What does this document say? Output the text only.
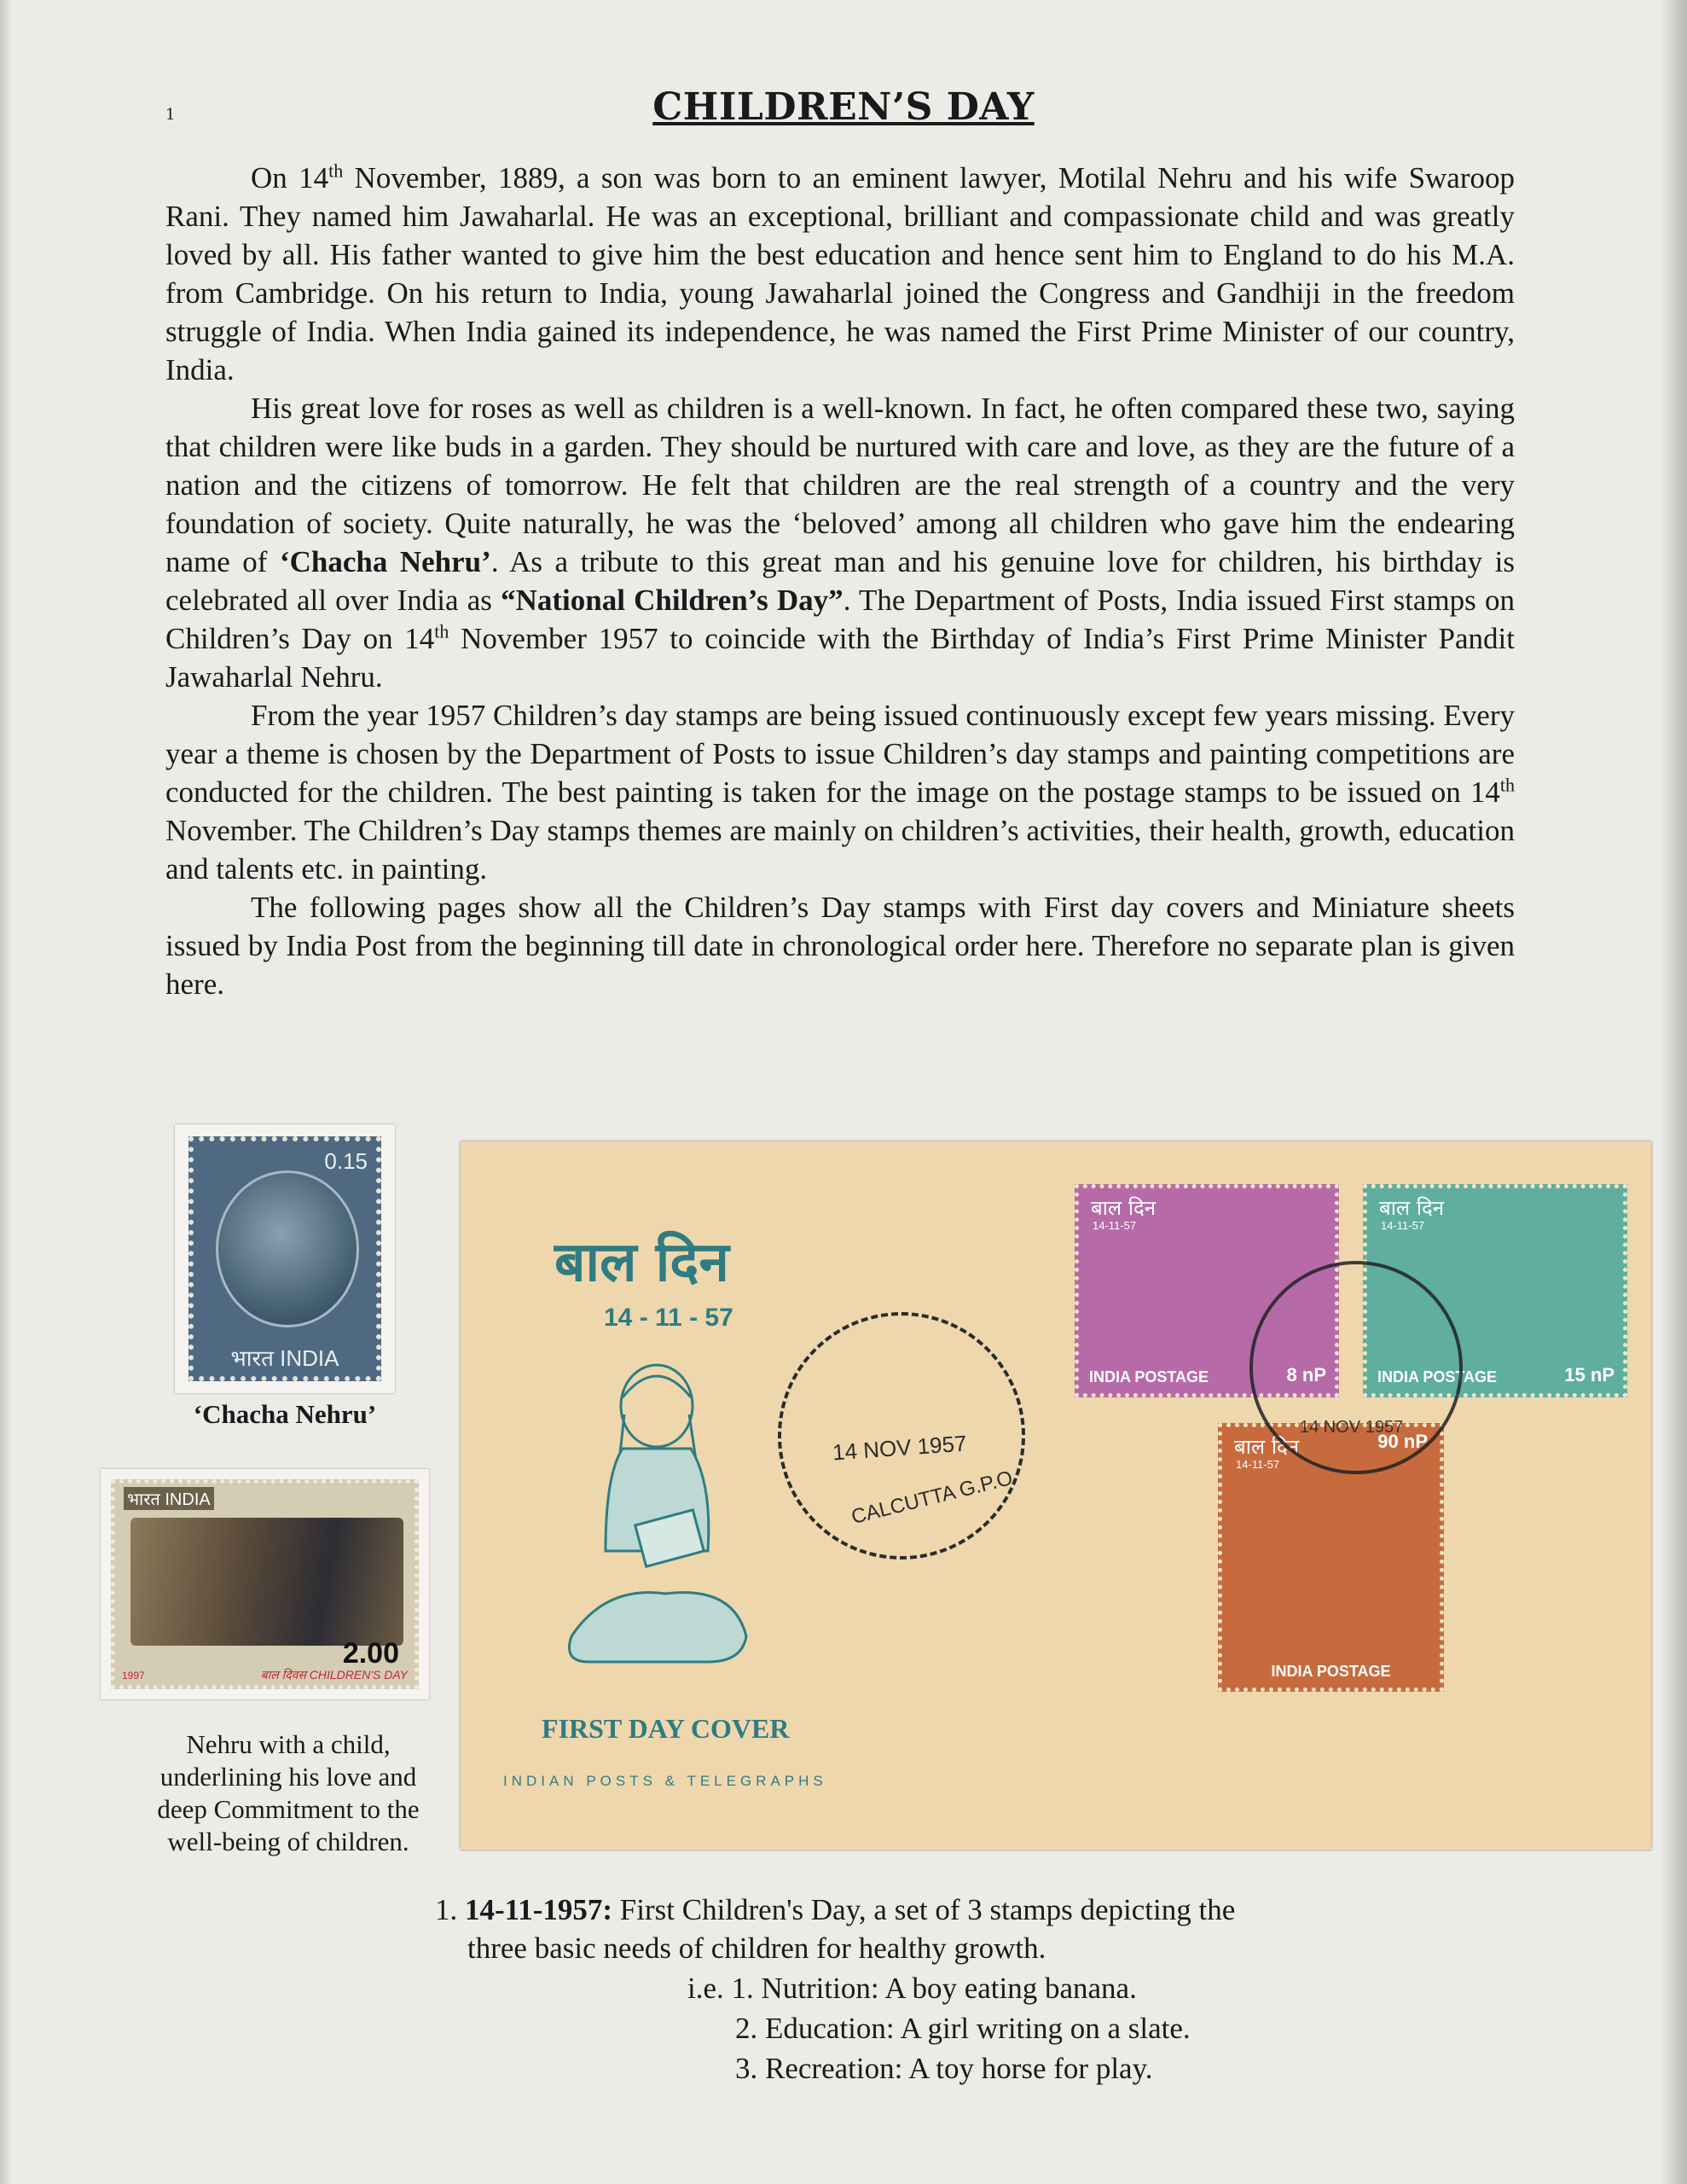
1	CHILDREN’S DAY

On 14th November, 1889, a son was born to an eminent lawyer, Motilal Nehru and his wife Swaroop Rani. They named him Jawaharlal. He was an exceptional, brilliant and compassionate child and was greatly loved by all. His father wanted to give him the best education and hence sent him to England to do his M.A. from Cambridge. On his return to India, young Jawaharlal joined the Congress and Gandhiji in the freedom struggle of India. When India gained its independence, he was named the First Prime Minister of our country, India.

His great love for roses as well as children is a well-known. In fact, he often compared these two, saying that children were like buds in a garden. They should be nurtured with care and love, as they are the future of a nation and the citizens of tomorrow. He felt that children are the real strength of a country and the very foundation of society. Quite naturally, he was the ‘beloved’ among all children who gave him the endearing name of ‘Chacha Nehru’. As a tribute to this great man and his genuine love for children, his birthday is celebrated all over India as “National Children’s Day”. The Department of Posts, India issued First stamps on Children’s Day on 14th November 1957 to coincide with the Birthday of India’s First Prime Minister Pandit Jawaharlal Nehru.

From the year 1957 Children’s day stamps are being issued continuously except few years missing. Every year a theme is chosen by the Department of Posts to issue Children’s day stamps and painting competitions are conducted for the children. The best painting is taken for the image on the postage stamps to be issued on 14th November. The Children’s Day stamps themes are mainly on children’s activities, their health, growth, education and talents etc. in painting.

The following pages show all the Children’s Day stamps with First day covers and Miniature sheets issued by India Post from the beginning till date in chronological order here. Therefore no separate plan is given here.

0.15
भारत INDIA
‘Chacha Nehru’
भारत INDIA
2.00
1997	बाल दिवस CHILDREN'S DAY
Nehru with a child, underlining his love and deep Commitment to the well-being of children.
बाल दिन
14 - 11 - 57
14 NOV 1957
CALCUTTA G.P.O
बाल दिन
14-11-57
INDIA POSTAGE	8 nP
बाल दिन
14-11-57
INDIA POSTAGE	15 nP
बाल दिन
14-11-57
INDIA POSTAGE
90 nP
14 NOV 1957
FIRST DAY COVER
INDIAN POSTS & TELEGRAPHS
1. 14-11-1957: First Children's Day, a set of 3 stamps depicting the
three basic needs of children for healthy growth.
i.e. 1. Nutrition: A boy eating banana.
2. Education: A girl writing on a slate.
3. Recreation: A toy horse for play.
